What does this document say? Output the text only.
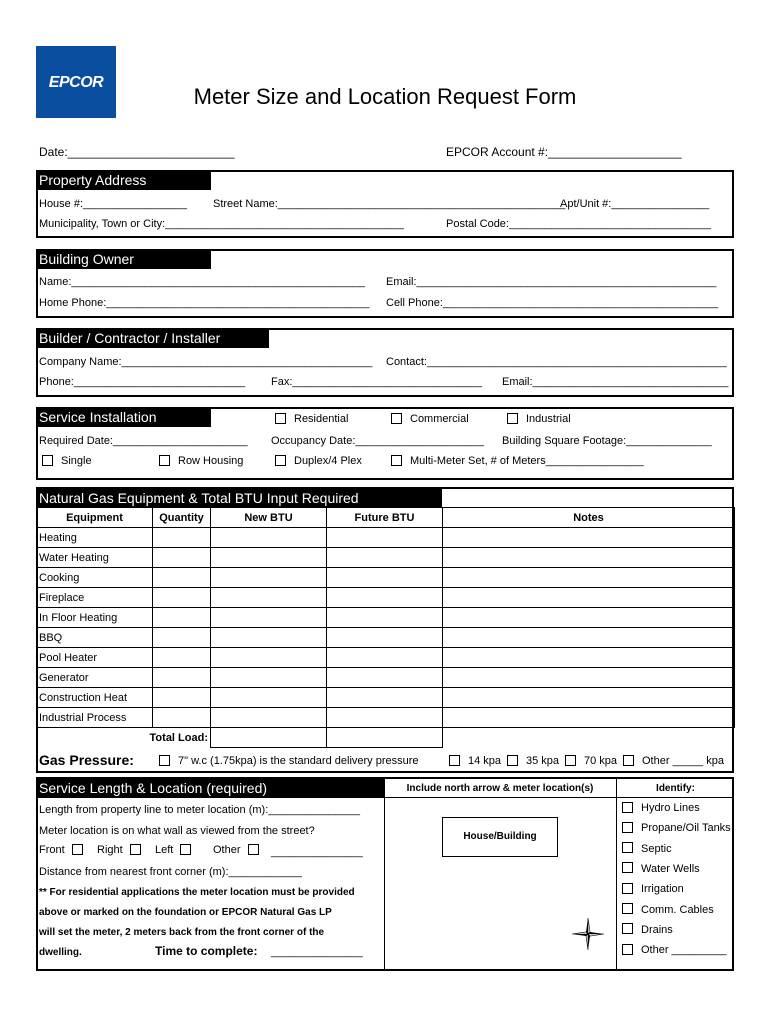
EPCOR
Meter Size and Location Request Form
Date:_________________________	EPCOR Account #:____________________
Property Address
House #:_________________ Street Name:_______________________________________________
Apt/Unit #:________________
Municipality, Town or City:_______________________________________	Postal Code:_________________________________
Building Owner
Name:________________________________________________ Email:_________________________________________________
Home Phone:___________________________________________ Cell Phone:_____________________________________________
Builder / Contractor / Installer
Company Name:_________________________________________ Contact:_________________________________________________
Phone:____________________________ Fax:_______________________________ Email:________________________________
Service Installation	Residential	Commercial	Industrial
Required Date:______________________ Occupancy Date:_____________________ Building Square Footage:______________
Single	Row Housing	Duplex/4 Plex	Multi-Meter Set, # of Meters________________
Natural Gas Equipment & Total BTU Input Required

Equipment	Quantity	New BTU	Future BTU	Notes
Heating				
Water Heating				
Cooking				
Fireplace				
In Floor Heating				
BBQ				
Pool Heater				
Generator				
Construction Heat				
Industrial Process				
Total Load:				
Gas Pressure:	7" w.c (1.75kpa) is the standard delivery pressure	14 kpa	35 kpa	70 kpa	Other _____ kpa
Service Length & Location (required)
Length from property line to meter location (m):_______________
Meter location is on what wall as viewed from the street?
Front	Right	Left	Other	_______________
Distance from nearest front corner (m):____________
** For residential applications the meter location must be provided
above or marked on the foundation or EPCOR Natural Gas LP
will set the meter, 2 meters back from the front corner of the
dwelling.	Time to complete: _______________
Include north arrow & meter location(s)
House/Building
Identify:
Hydro Lines
Propane/Oil Tanks
Septic
Water Wells
Irrigation
Comm. Cables
Drains
Other _________
